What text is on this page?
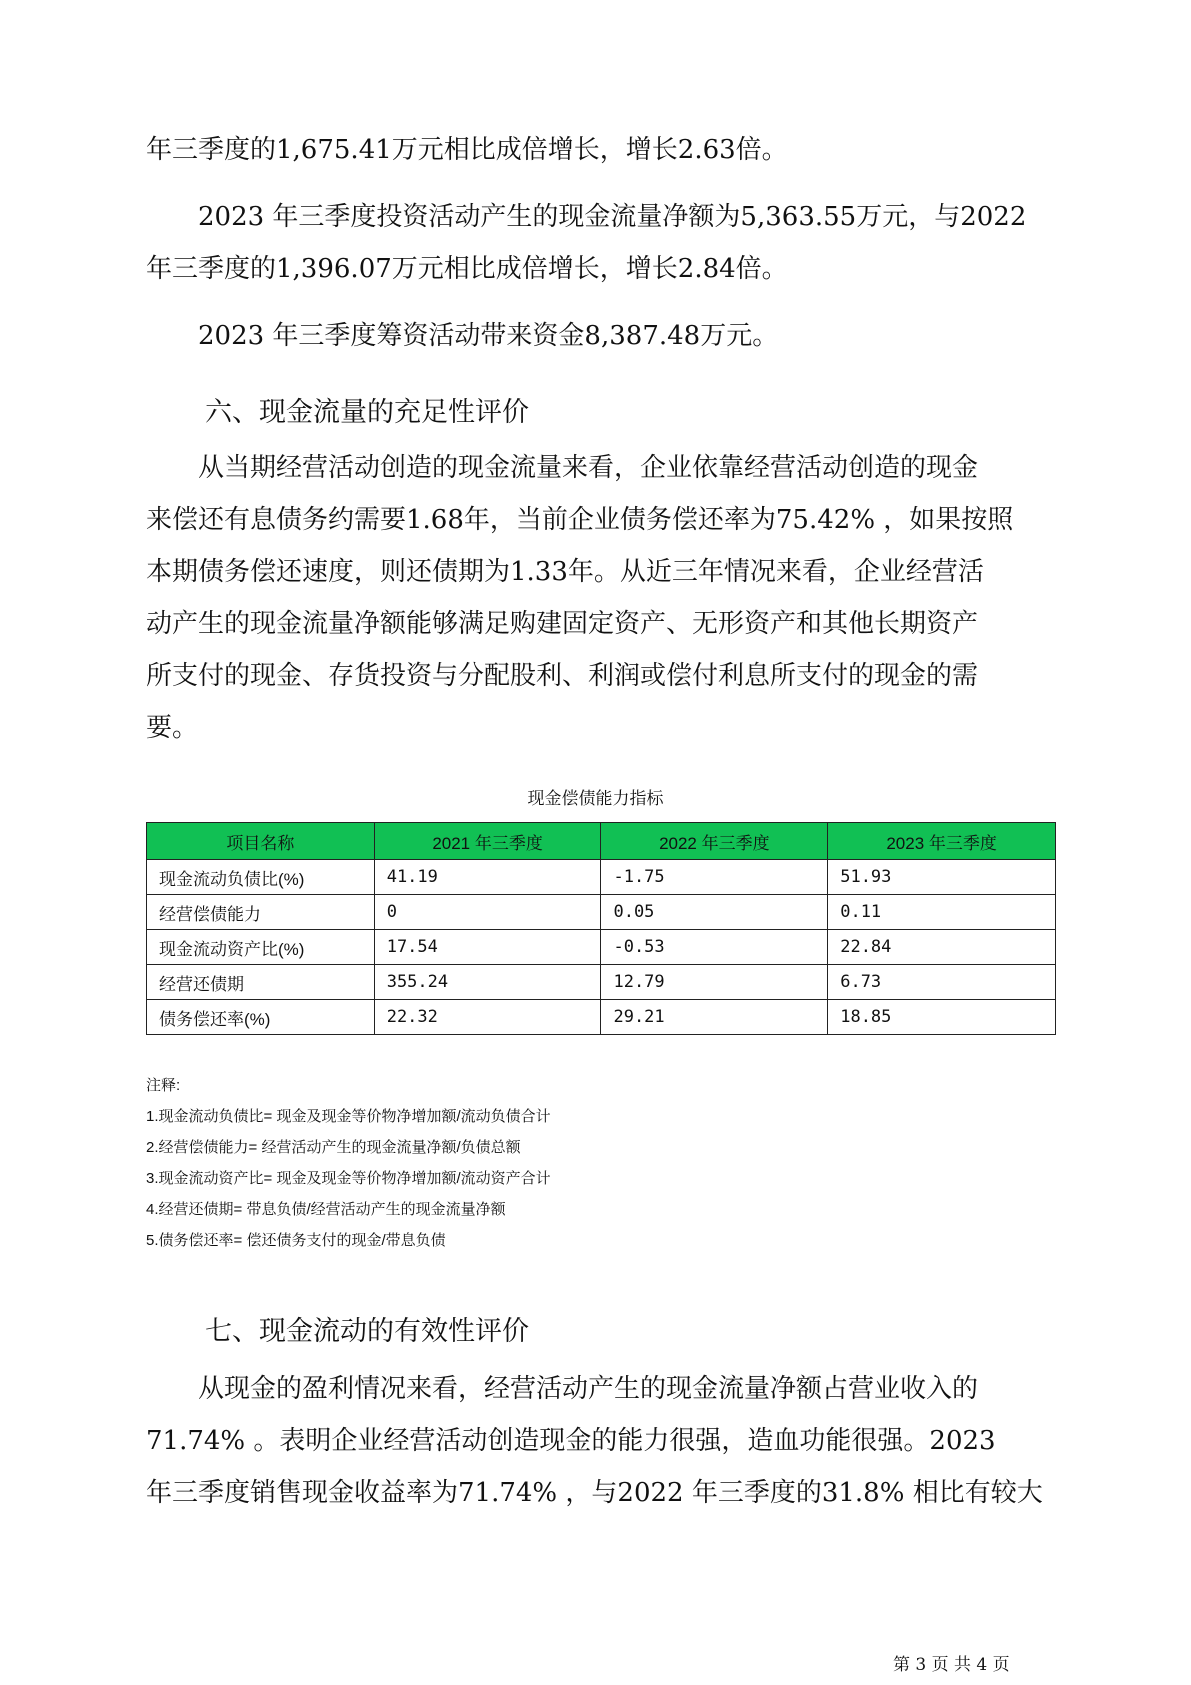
年三季度的1,675.41万元相比成倍增长，增长2.63倍。

2023 年三季度投资活动产生的现金流量净额为5,363.55万元，与2022
年三季度的1,396.07万元相比成倍增长，增长2.84倍。

2023 年三季度筹资活动带来资金8,387.48万元。

六、现金流量的充足性评价

从当期经营活动创造的现金流量来看，企业依靠经营活动创造的现金
来偿还有息债务约需要1.68年，当前企业债务偿还率为75.42% ，如果按照
本期债务偿还速度，则还债期为1.33年。从近三年情况来看，企业经营活
动产生的现金流量净额能够满足购建固定资产、无形资产和其他长期资产
所支付的现金、存货投资与分配股利、利润或偿付利息所支付的现金的需
要。

现金偿债能力指标
项目名称	2021 年三季度	2022 年三季度	2023 年三季度
现金流动负债比(%)	41.19	-1.75	51.93
经营偿债能力	0	0.05	0.11
现金流动资产比(%)	17.54	-0.53	22.84
经营还债期	355.24	12.79	6.73
债务偿还率(%)	22.32	29.21	18.85
注释:
1.现金流动负债比= 现金及现金等价物净增加额/流动负债合计
2.经营偿债能力= 经营活动产生的现金流量净额/负债总额
3.现金流动资产比= 现金及现金等价物净增加额/流动资产合计
4.经营还债期= 带息负债/经营活动产生的现金流量净额
5.债务偿还率= 偿还债务支付的现金/带息负债
七、现金流动的有效性评价

从现金的盈利情况来看，经营活动产生的现金流量净额占营业收入的
71.74% 。表明企业经营活动创造现金的能力很强，造血功能很强。2023
年三季度销售现金收益率为71.74% ，与2022 年三季度的31.8% 相比有较大

第 3 页 共 4 页
